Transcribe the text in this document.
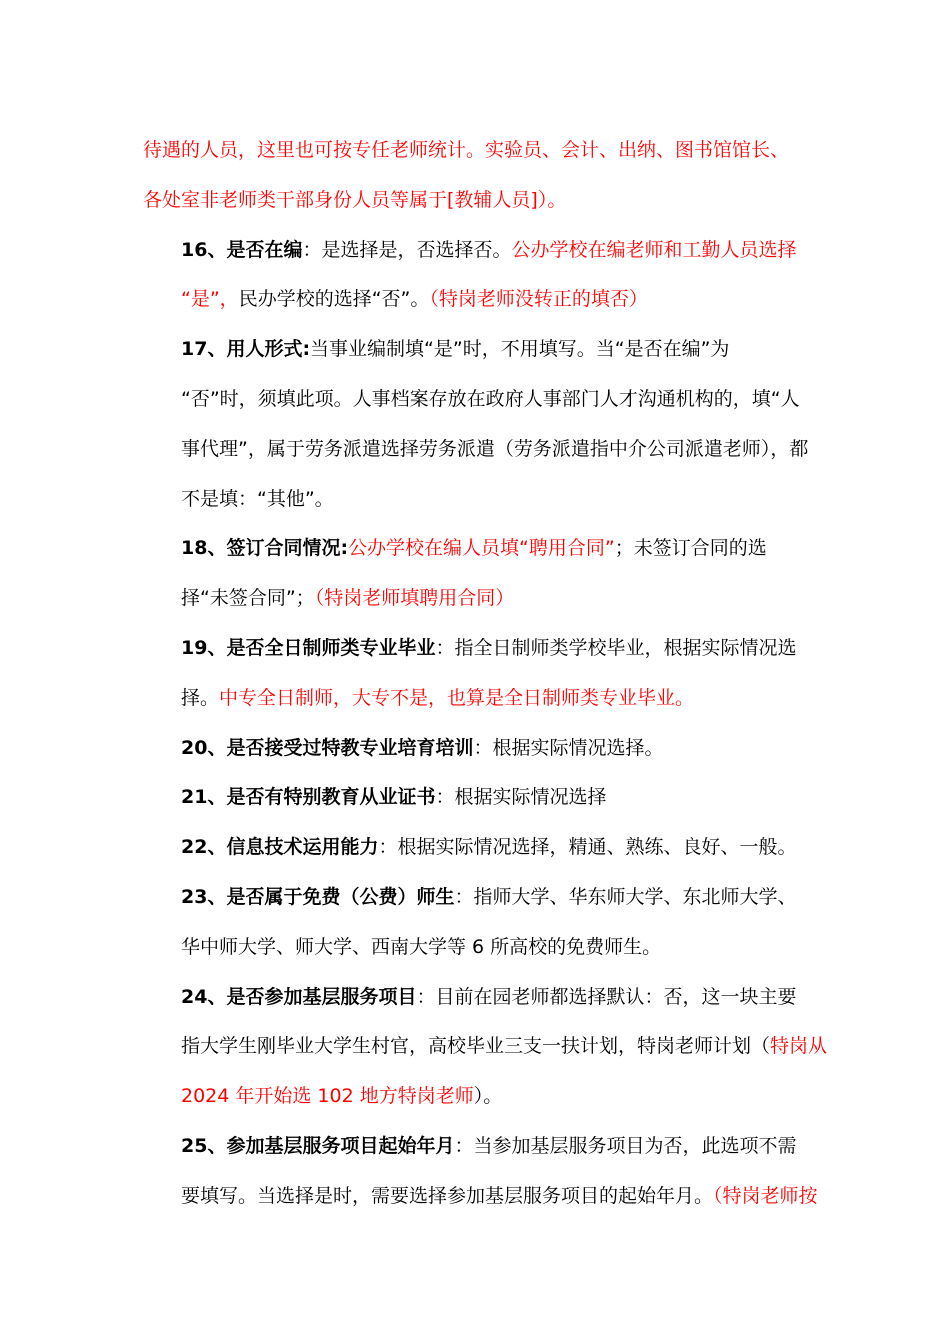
待遇的人员，这里也可按专任老师统计。实验员、会计、出纳、图书馆馆长、
各处室非老师类干部身份人员等属于[教辅人员]）。
16、是否在编：是选择是，否选择否。公办学校在编老师和工勤人员选择
“是”，民办学校的选择“否”。（特岗老师没转正的填否）
17、用人形式:当事业编制填“是”时，不用填写。当“是否在编”为
“否”时，须填此项。人事档案存放在政府人事部门人才沟通机构的，填“人
事代理”，属于劳务派遣选择劳务派遣（劳务派遣指中介公司派遣老师），都
不是填：“其他”。
18、签订合同情况:公办学校在编人员填“聘用合同”；未签订合同的选
择“未签合同”；（特岗老师填聘用合同）
19、是否全日制师类专业毕业：指全日制师类学校毕业，根据实际情况选
择。中专全日制师，大专不是，也算是全日制师类专业毕业。
20、是否接受过特教专业培育培训：根据实际情况选择。
21、是否有特别教育从业证书：根据实际情况选择
22、信息技术运用能力：根据实际情况选择，精通、熟练、良好、一般。
23、是否属于免费（公费）师生：指师大学、华东师大学、东北师大学、
华中师大学、师大学、西南大学等 6 所高校的免费师生。
24、是否参加基层服务项目：目前在园老师都选择默认：否，这一块主要
指大学生刚毕业大学生村官，高校毕业三支一扶计划，特岗老师计划（特岗从
2024 年开始选 102 地方特岗老师）。
25、参加基层服务项目起始年月：当参加基层服务项目为否，此选项不需
要填写。当选择是时，需要选择参加基层服务项目的起始年月。（特岗老师按
